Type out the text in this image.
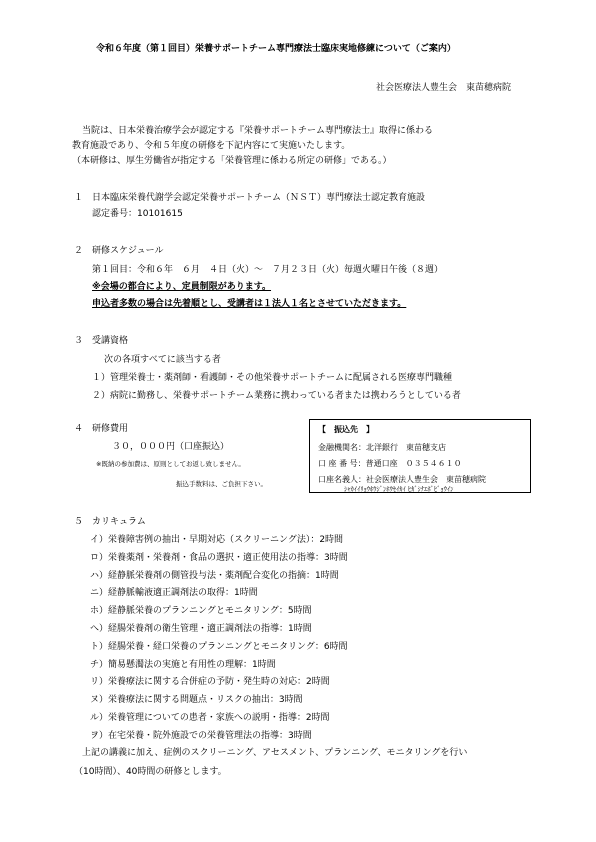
令和６年度（第１回目）栄養サポートチーム専門療法士臨床実地修練について（ご案内）
社会医療法人豊生会　東苗穂病院
当院は、日本栄養治療学会が認定する『栄養サポートチーム専門療法士』取得に係わる
教育施設であり、令和５年度の研修を下記内容にて実施いたします。
（本研修は、厚生労働省が指定する「栄養管理に係わる所定の研修」である。）
１ 日本臨床栄養代謝学会認定栄養サポートチーム（ＮＳＴ）専門療法士認定教育施設
認定番号：10101615
２ 研修スケジュール
第１回目：令和６年　６月　４日（火）～　７月２３日（火）毎週火曜日午後（８週）
※会場の都合により、定員制限があります。
申込者多数の場合は先着順とし、受講者は１法人１名とさせていただきます。
３ 受講資格
次の各項すべてに該当する者
１）管理栄養士・薬剤師・看護師・その他栄養サポートチームに配属される医療専門職種
２）病院に勤務し、栄養サポートチーム業務に携わっている者または携わろうとしている者
４ 研修費用
３０，０００円（口座振込）
※既納の参加費は、原則としてお返し致しません。
振込手数料は、ご負担下さい。
【　振込先　】
金融機関名：北洋銀行　東苗穂支店
口 座 番 号：普通口座　０３５４６１０
口座名義人：社会医療法人豊生会　東苗穂病院
ｼｬｶｲｲﾘｮｳﾎｳｼﾞﾝﾎｳｾｲｶｲ ﾋｶﾞｼﾅｴﾎﾞﾋﾞｮｳｲﾝ
５ カリキュラム
イ）栄養障害例の抽出・早期対応（スクリーニング法）：2時間
ロ）栄養薬剤・栄養剤・食品の選択・適正使用法の指導：3時間
ハ）経静脈栄養剤の側管投与法・薬剤配合変化の指摘：1時間
ニ）経静脈輸液適正調剤法の取得：1時間
ホ）経静脈栄養のプランニングとモニタリング：5時間
へ）経腸栄養剤の衛生管理・適正調剤法の指導：1時間
ト）経腸栄養・経口栄養のプランニングとモニタリング：6時間
チ）簡易懸濁法の実施と有用性の理解：1時間
リ）栄養療法に関する合併症の予防・発生時の対応：2時間
ヌ）栄養療法に関する問題点・リスクの抽出：3時間
ル）栄養管理についての患者・家族への説明・指導：2時間
ヲ）在宅栄養・院外施設での栄養管理法の指導：3時間
上記の講義に加え、症例のスクリーニング、アセスメント、プランニング、モニタリングを行い
（10時間）、40時間の研修とします。
